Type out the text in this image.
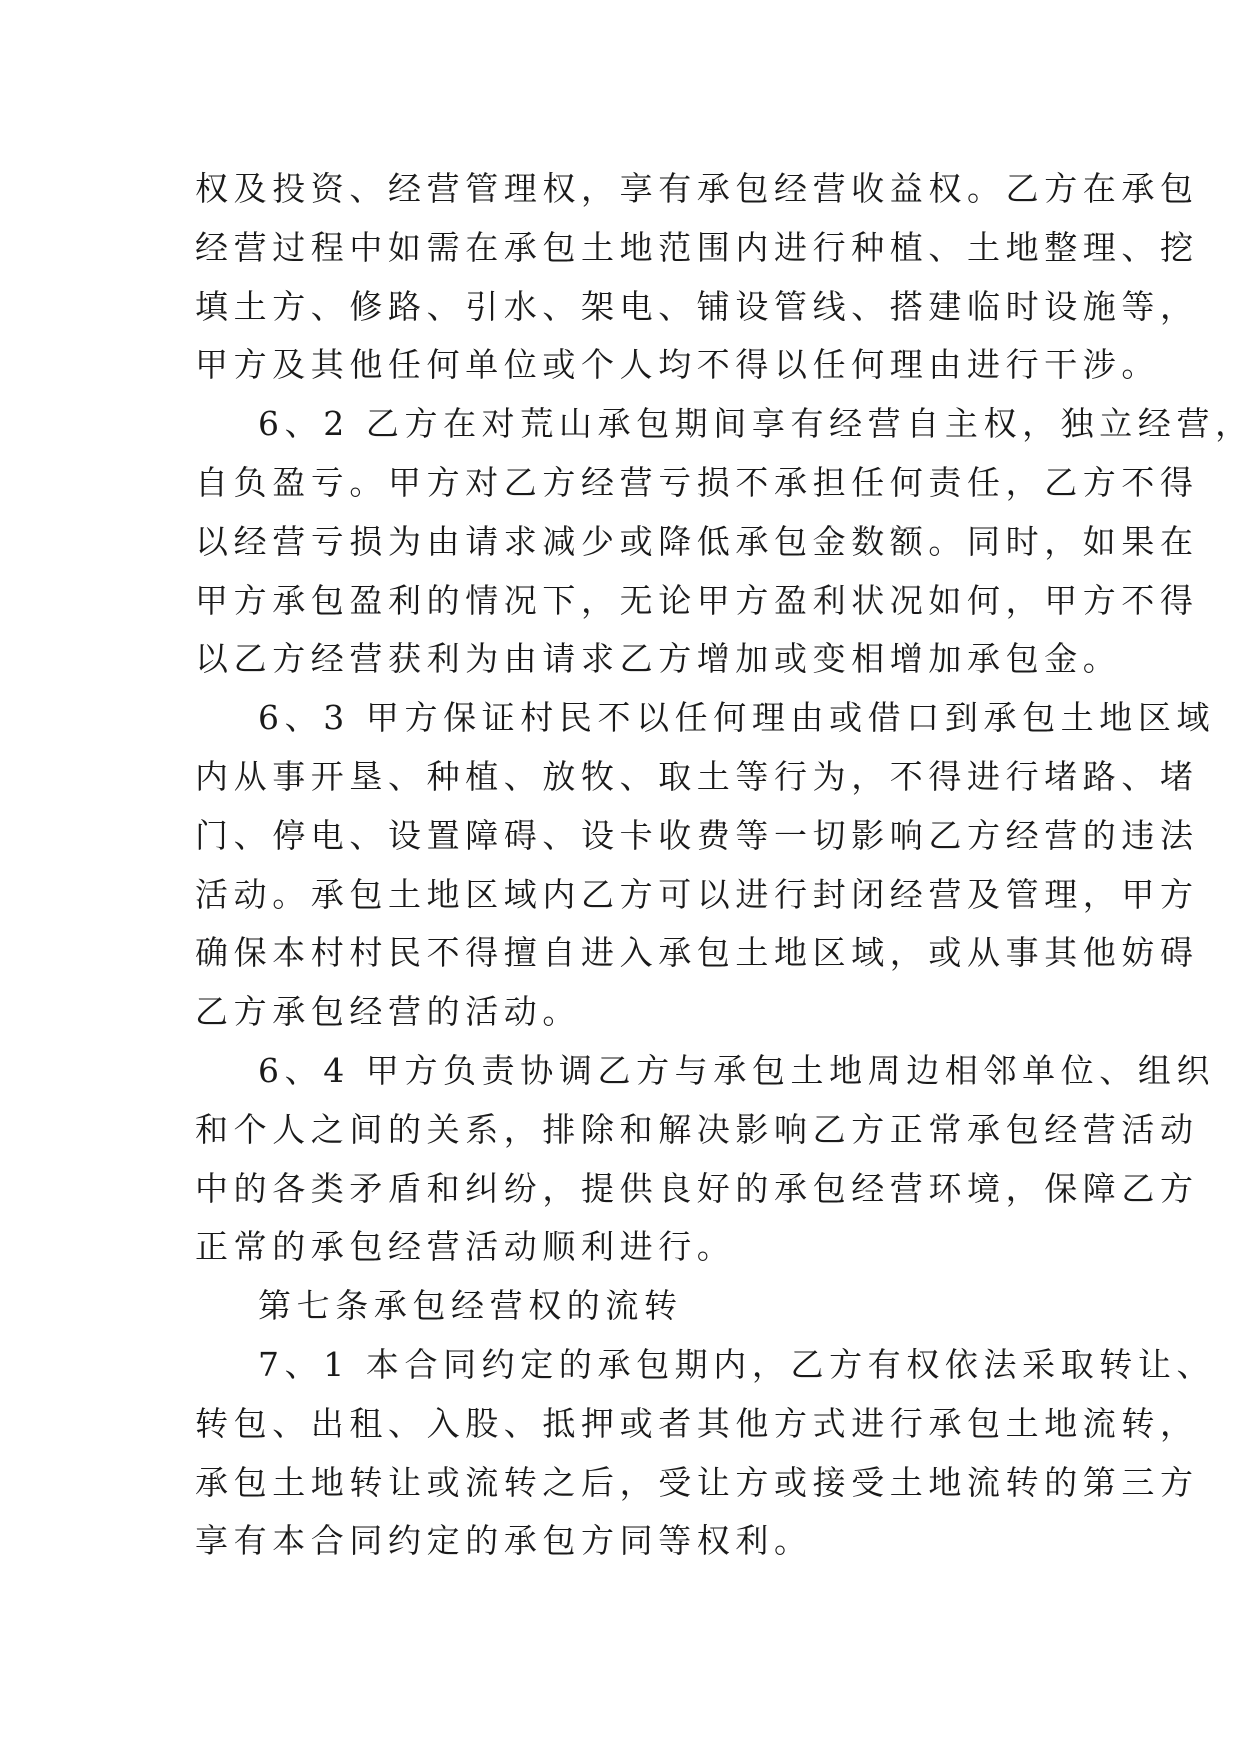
权及投资、经营管理权，享有承包经营收益权。乙方在承包
经营过程中如需在承包土地范围内进行种植、土地整理、挖
填土方、修路、引水、架电、铺设管线、搭建临时设施等，
甲方及其他任何单位或个人均不得以任何理由进行干涉。
6、2 乙方在对荒山承包期间享有经营自主权，独立经营，
自负盈亏。甲方对乙方经营亏损不承担任何责任，乙方不得
以经营亏损为由请求减少或降低承包金数额。同时，如果在
甲方承包盈利的情况下，无论甲方盈利状况如何，甲方不得
以乙方经营获利为由请求乙方增加或变相增加承包金。
6、3 甲方保证村民不以任何理由或借口到承包土地区域
内从事开垦、种植、放牧、取土等行为，不得进行堵路、堵
门、停电、设置障碍、设卡收费等一切影响乙方经营的违法
活动。承包土地区域内乙方可以进行封闭经营及管理，甲方
确保本村村民不得擅自进入承包土地区域，或从事其他妨碍
乙方承包经营的活动。
6、4 甲方负责协调乙方与承包土地周边相邻单位、组织
和个人之间的关系，排除和解决影响乙方正常承包经营活动
中的各类矛盾和纠纷，提供良好的承包经营环境，保障乙方
正常的承包经营活动顺利进行。
第七条承包经营权的流转
7、1 本合同约定的承包期内，乙方有权依法采取转让、
转包、出租、入股、抵押或者其他方式进行承包土地流转，
承包土地转让或流转之后，受让方或接受土地流转的第三方
享有本合同约定的承包方同等权利。
